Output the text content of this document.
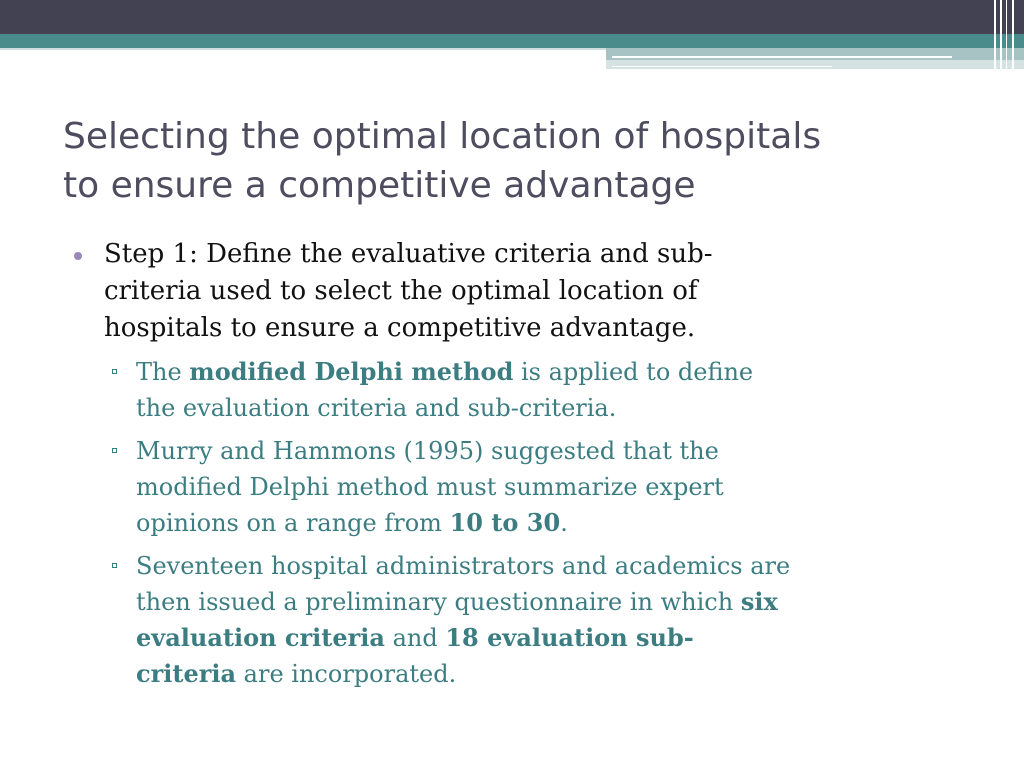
Selecting the optimal location of hospitals
to ensure a competitive advantage
Step 1: Define the evaluative criteria and sub-
criteria used to select the optimal location of
hospitals to ensure a competitive advantage.
The modified Delphi method is applied to define
the evaluation criteria and sub-criteria.
Murry and Hammons (1995) suggested that the
modified Delphi method must summarize expert
opinions on a range from 10 to 30.
Seventeen hospital administrators and academics are
then issued a preliminary questionnaire in which six
evaluation criteria and 18 evaluation sub-
criteria are incorporated.
